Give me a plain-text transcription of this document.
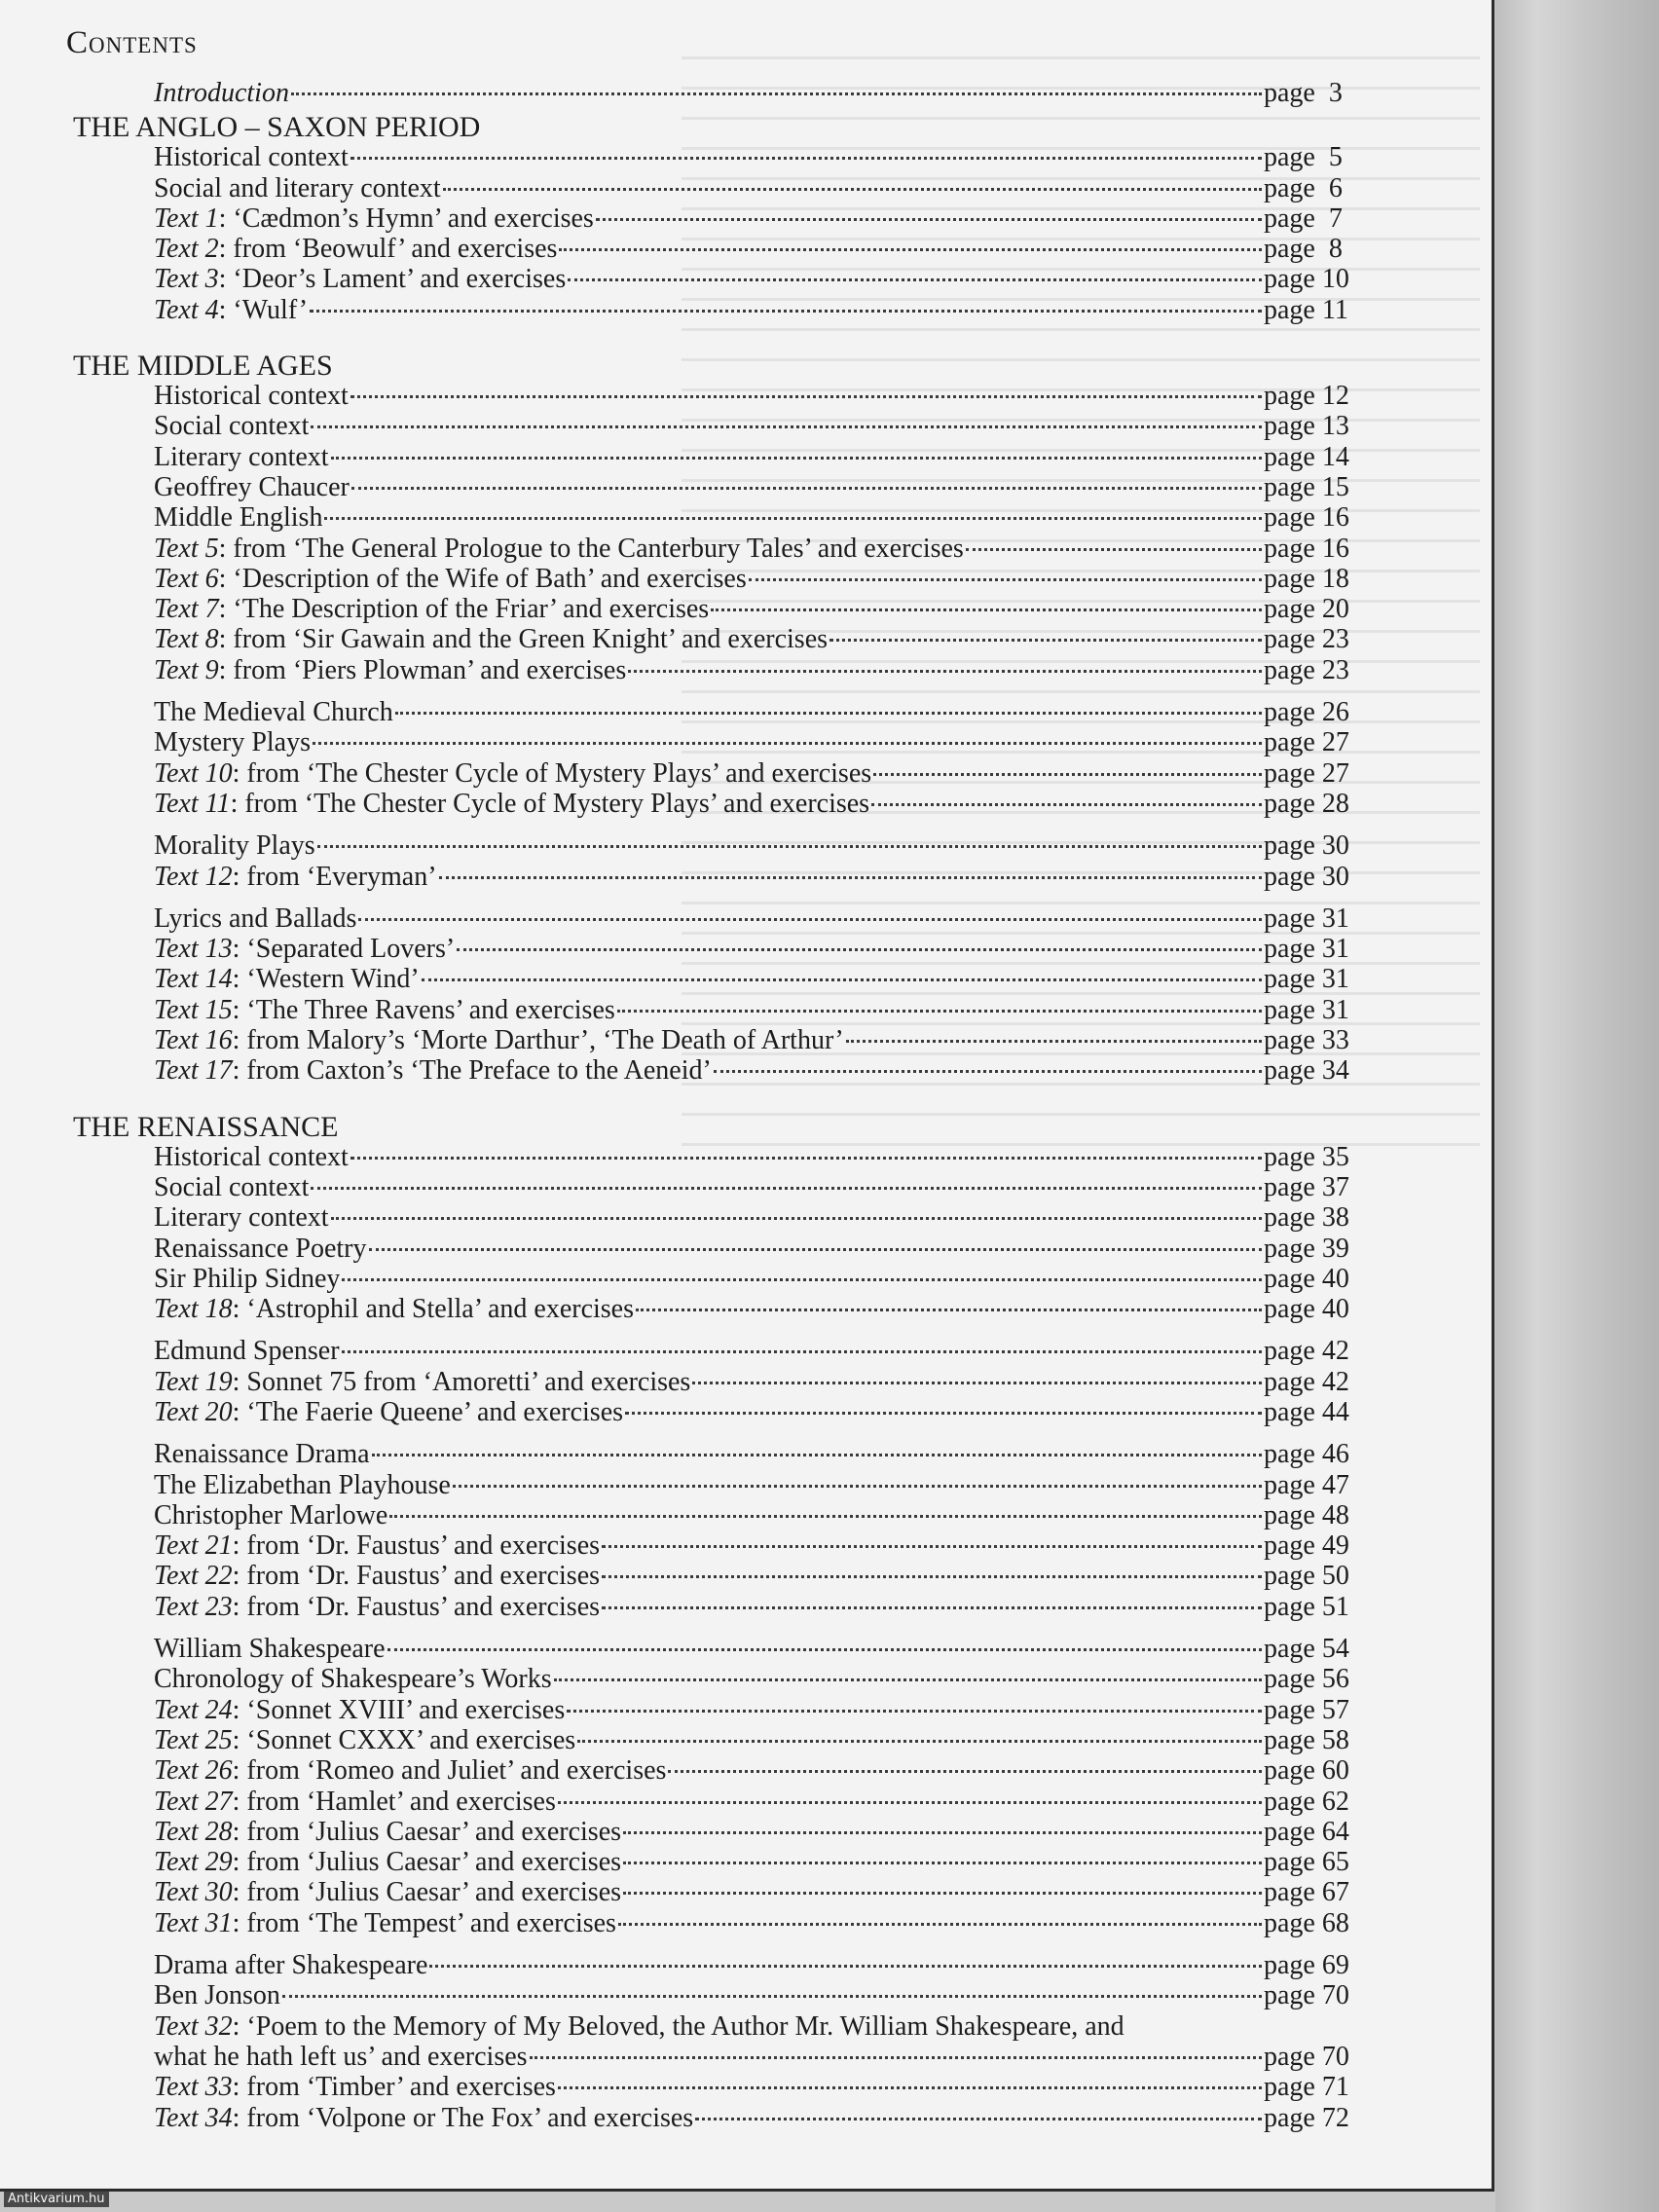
Contents
Introduction	page  3
THE ANGLO – SAXON PERIOD
Historical context	page  5
Social and literary context	page  6
Text 1: ‘Cædmon’s Hymn’ and exercises	page  7
Text 2: from ‘Beowulf’ and exercises	page  8
Text 3: ‘Deor’s Lament’ and exercises	page 10
Text 4: ‘Wulf’	page 11
THE MIDDLE AGES
Historical context	page 12
Social context	page 13
Literary context	page 14
Geoffrey Chaucer	page 15
Middle English	page 16
Text 5: from ‘The General Prologue to the Canterbury Tales’ and exercises	page 16
Text 6: ‘Description of the Wife of Bath’ and exercises	page 18
Text 7: ‘The Description of the Friar’ and exercises	page 20
Text 8: from ‘Sir Gawain and the Green Knight’ and exercises	page 23
Text 9: from ‘Piers Plowman’ and exercises	page 23
The Medieval Church	page 26
Mystery Plays	page 27
Text 10: from ‘The Chester Cycle of Mystery Plays’ and exercises	page 27
Text 11: from ‘The Chester Cycle of Mystery Plays’ and exercises	page 28
Morality Plays	page 30
Text 12: from ‘Everyman’	page 30
Lyrics and Ballads	page 31
Text 13: ‘Separated Lovers’	page 31
Text 14: ‘Western Wind’	page 31
Text 15: ‘The Three Ravens’ and exercises	page 31
Text 16: from Malory’s ‘Morte Darthur’, ‘The Death of Arthur’	page 33
Text 17: from Caxton’s ‘The Preface to the Aeneid’	page 34
THE RENAISSANCE
Historical context	page 35
Social context	page 37
Literary context	page 38
Renaissance Poetry	page 39
Sir Philip Sidney	page 40
Text 18: ‘Astrophil and Stella’ and exercises	page 40
Edmund Spenser	page 42
Text 19: Sonnet 75 from ‘Amoretti’ and exercises	page 42
Text 20: ‘The Faerie Queene’ and exercises	page 44
Renaissance Drama	page 46
The Elizabethan Playhouse	page 47
Christopher Marlowe	page 48
Text 21: from ‘Dr. Faustus’ and exercises	page 49
Text 22: from ‘Dr. Faustus’ and exercises	page 50
Text 23: from ‘Dr. Faustus’ and exercises	page 51
William Shakespeare	page 54
Chronology of Shakespeare’s Works	page 56
Text 24: ‘Sonnet XVIII’ and exercises	page 57
Text 25: ‘Sonnet CXXX’ and exercises	page 58
Text 26: from ‘Romeo and Juliet’ and exercises	page 60
Text 27: from ‘Hamlet’ and exercises	page 62
Text 28: from ‘Julius Caesar’ and exercises	page 64
Text 29: from ‘Julius Caesar’ and exercises	page 65
Text 30: from ‘Julius Caesar’ and exercises	page 67
Text 31: from ‘The Tempest’ and exercises	page 68
Drama after Shakespeare	page 69
Ben Jonson	page 70
Text 32: ‘Poem to the Memory of My Beloved, the Author Mr. William Shakespeare, and
what he hath left us’ and exercises	page 70
Text 33: from ‘Timber’ and exercises	page 71
Text 34: from ‘Volpone or The Fox’ and exercises	page 72
Antikvarium.hu
